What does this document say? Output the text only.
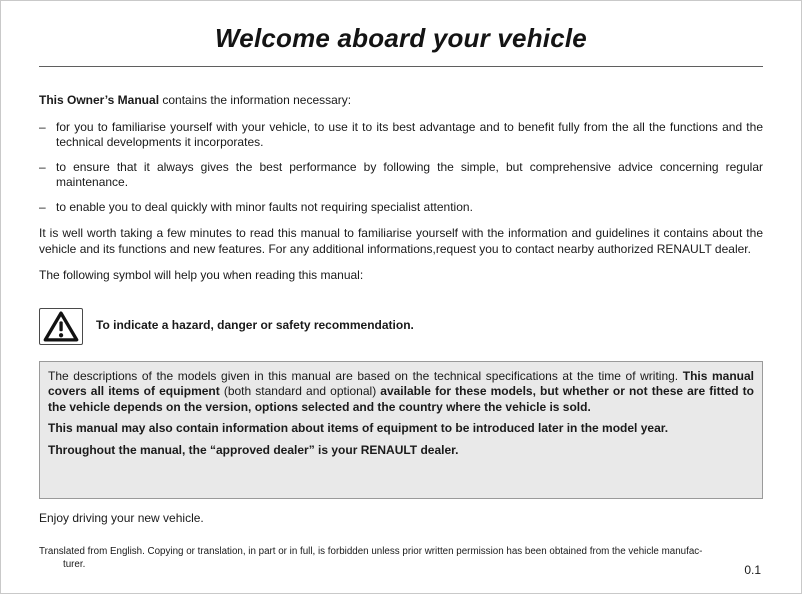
Welcome aboard your vehicle

This Owner’s Manual contains the information necessary:

– for you to familiarise yourself with your vehicle, to use it to its best advantage and to benefit fully from the all the functions and the technical developments it incorporates.
– to ensure that it always gives the best performance by following the simple, but comprehensive advice concerning regular maintenance.
– to enable you to deal quickly with minor faults not requiring specialist attention.

It is well worth taking a few minutes to read this manual to familiarise yourself with the information and guidelines it contains about the vehicle and its functions and new features. For any additional informations,request you to contact nearby authorized RENAULT dealer.

The following symbol will help you when reading this manual:

To indicate a hazard, danger or safety recommendation.

The descriptions of the models given in this manual are based on the technical specifications at the time of writing. This manual covers all items of equipment (both standard and optional) available for these models, but whether or not these are fitted to the vehicle depends on the version, options selected and the country where the vehicle is sold.

This manual may also contain information about items of equipment to be introduced later in the model year.

Throughout the manual, the “approved dealer” is your RENAULT dealer.

Enjoy driving your new vehicle.

Translated from English. Copying or translation, in part or in full, is forbidden unless prior written permission has been obtained from the vehicle manufac-
turer.	0.1
